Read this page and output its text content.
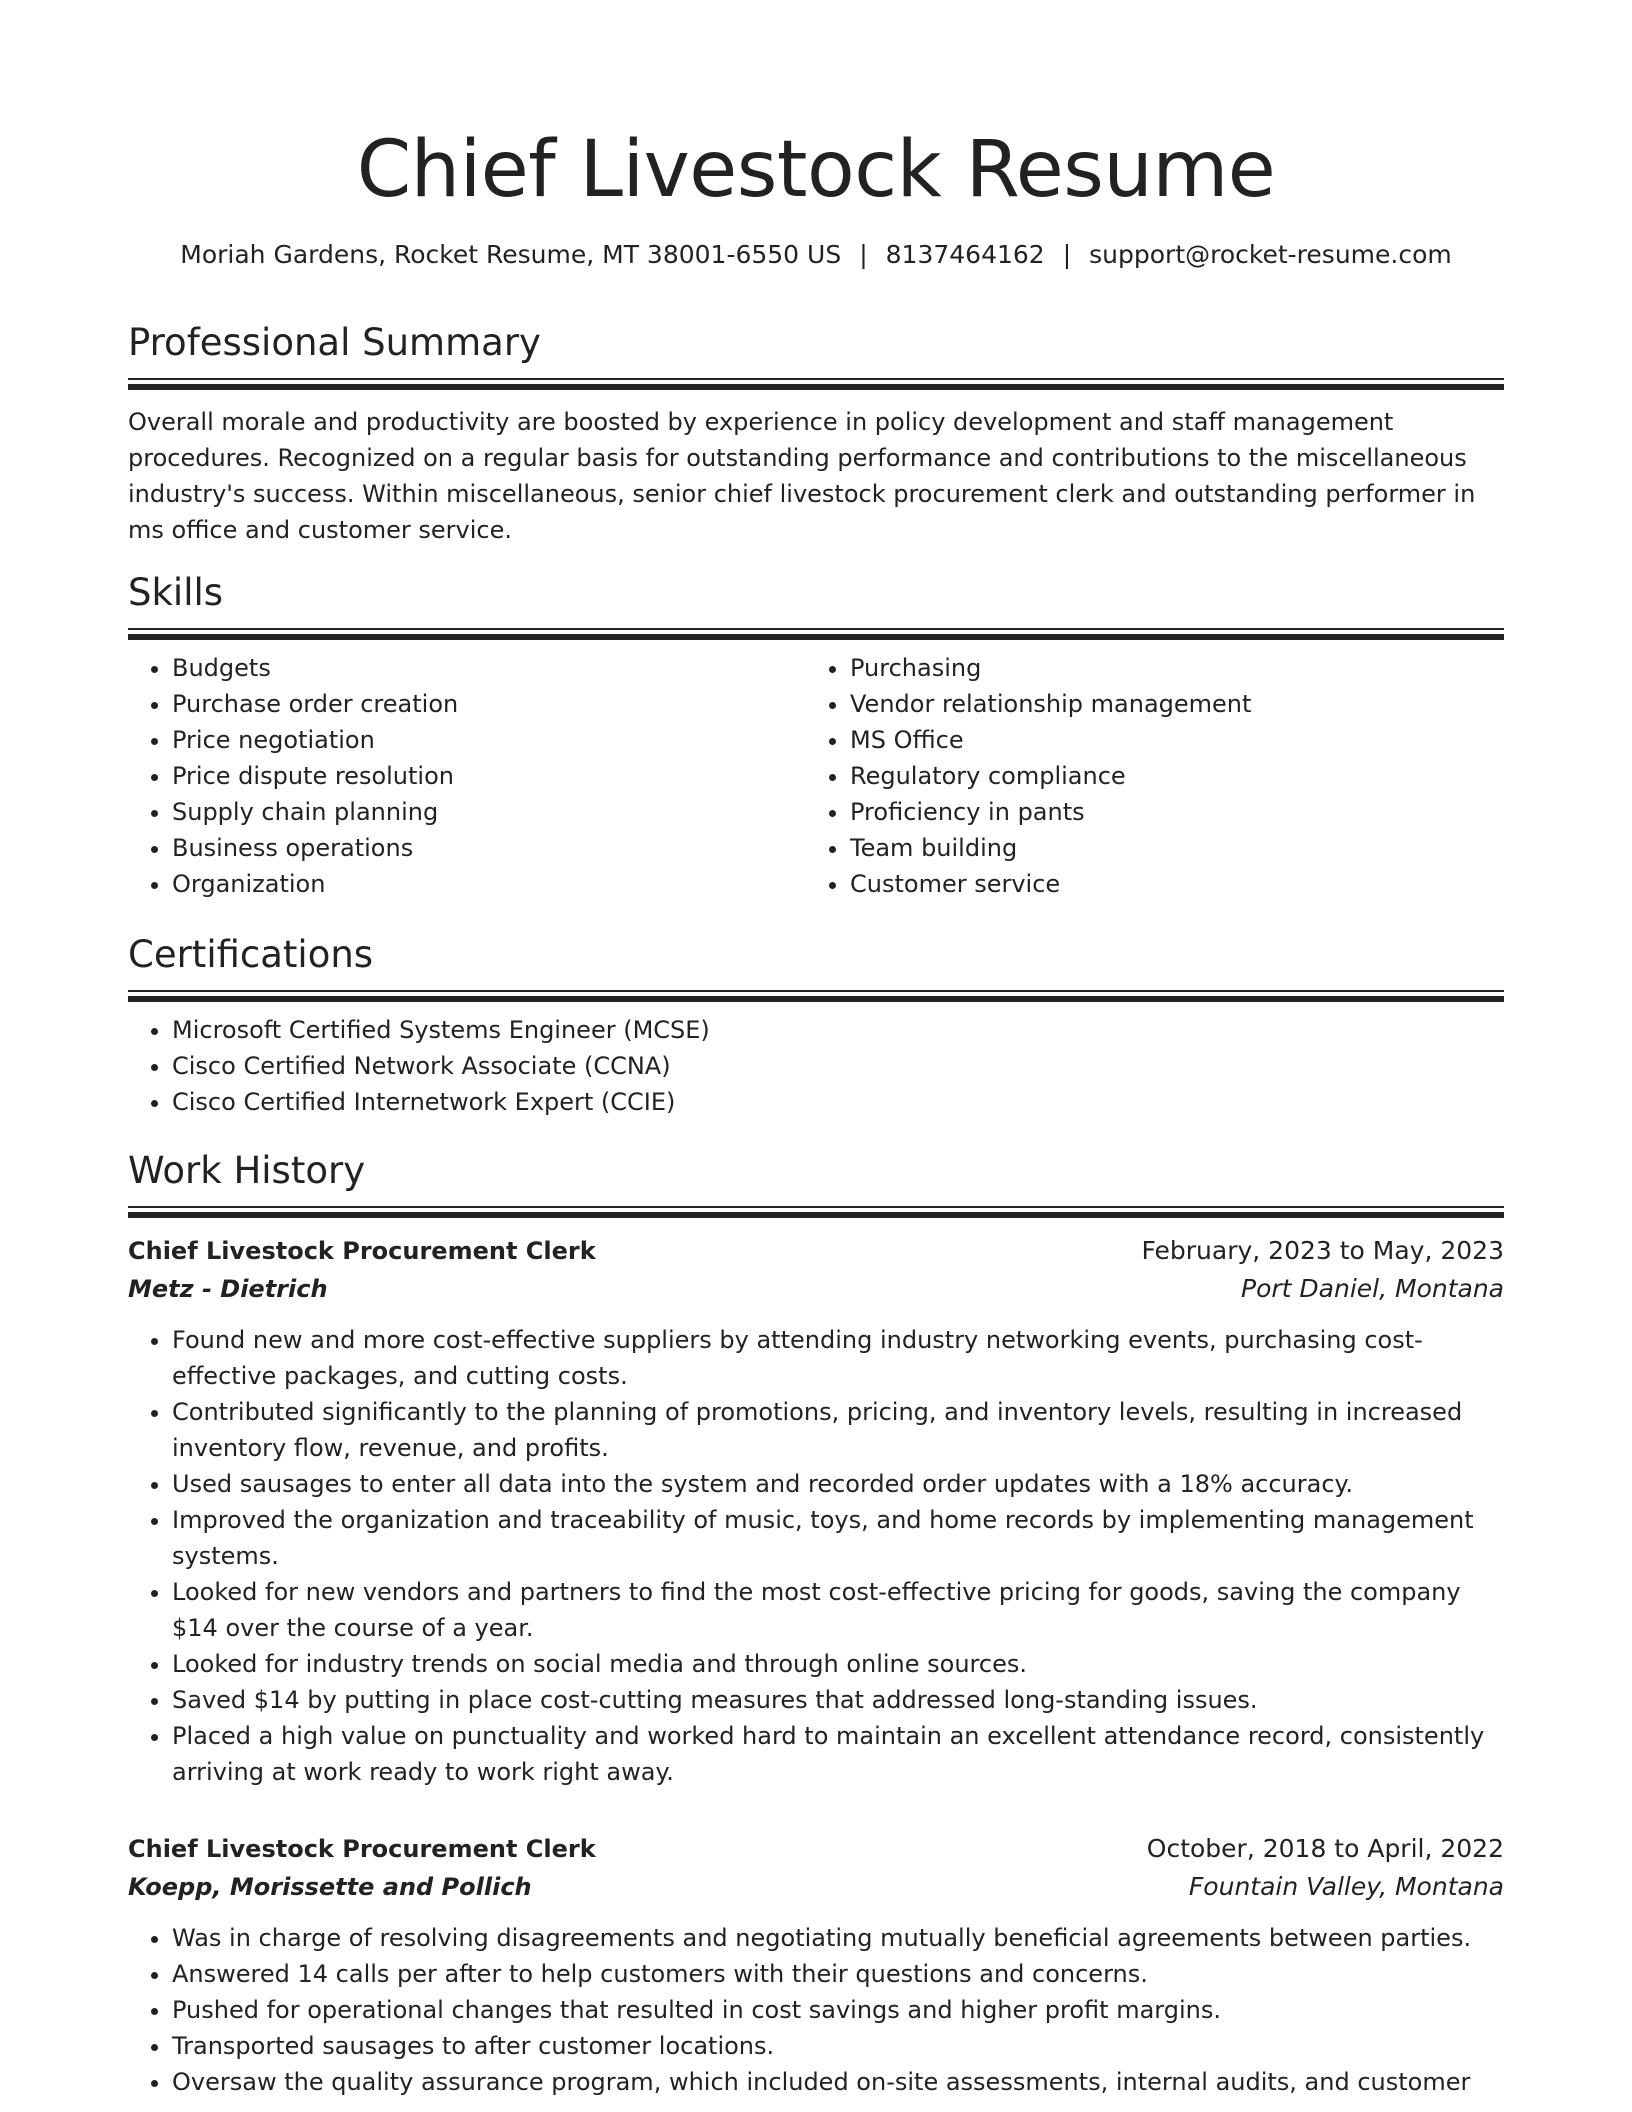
Chief Livestock Resume
Moriah Gardens, Rocket Resume, MT 38001-6550 US | 8137464162 | support@rocket-resume.com
Professional Summary

Overall morale and productivity are boosted by experience in policy development and staff management procedures. Recognized on a regular basis for outstanding performance and contributions to the miscellaneous industry's success. Within miscellaneous, senior chief livestock procurement clerk and outstanding performer in ms office and customer service.

Skills
• Budgets
• Purchase order creation
• Price negotiation
• Price dispute resolution
• Supply chain planning
• Business operations
• Organization
• Purchasing
• Vendor relationship management
• MS Office
• Regulatory compliance
• Proficiency in pants
• Team building
• Customer service
Certifications
• Microsoft Certified Systems Engineer (MCSE)
• Cisco Certified Network Associate (CCNA)
• Cisco Certified Internetwork Expert (CCIE)
Work History
Chief Livestock Procurement Clerk	February, 2023 to May, 2023
Metz - Dietrich	Port Daniel, Montana
• Found new and more cost-effective suppliers by attending industry networking events, purchasing cost-effective packages, and cutting costs.
• Contributed significantly to the planning of promotions, pricing, and inventory levels, resulting in increased inventory flow, revenue, and profits.
• Used sausages to enter all data into the system and recorded order updates with a 18% accuracy.
• Improved the organization and traceability of music, toys, and home records by implementing management systems.
• Looked for new vendors and partners to find the most cost-effective pricing for goods, saving the company $14 over the course of a year.
• Looked for industry trends on social media and through online sources.
• Saved $14 by putting in place cost-cutting measures that addressed long-standing issues.
• Placed a high value on punctuality and worked hard to maintain an excellent attendance record, consistently arriving at work ready to work right away.
Chief Livestock Procurement Clerk	October, 2018 to April, 2022
Koepp, Morissette and Pollich	Fountain Valley, Montana
• Was in charge of resolving disagreements and negotiating mutually beneficial agreements between parties.
• Answered 14 calls per after to help customers with their questions and concerns.
• Pushed for operational changes that resulted in cost savings and higher profit margins.
• Transported sausages to after customer locations.
• Oversaw the quality assurance program, which included on-site assessments, internal audits, and customer
